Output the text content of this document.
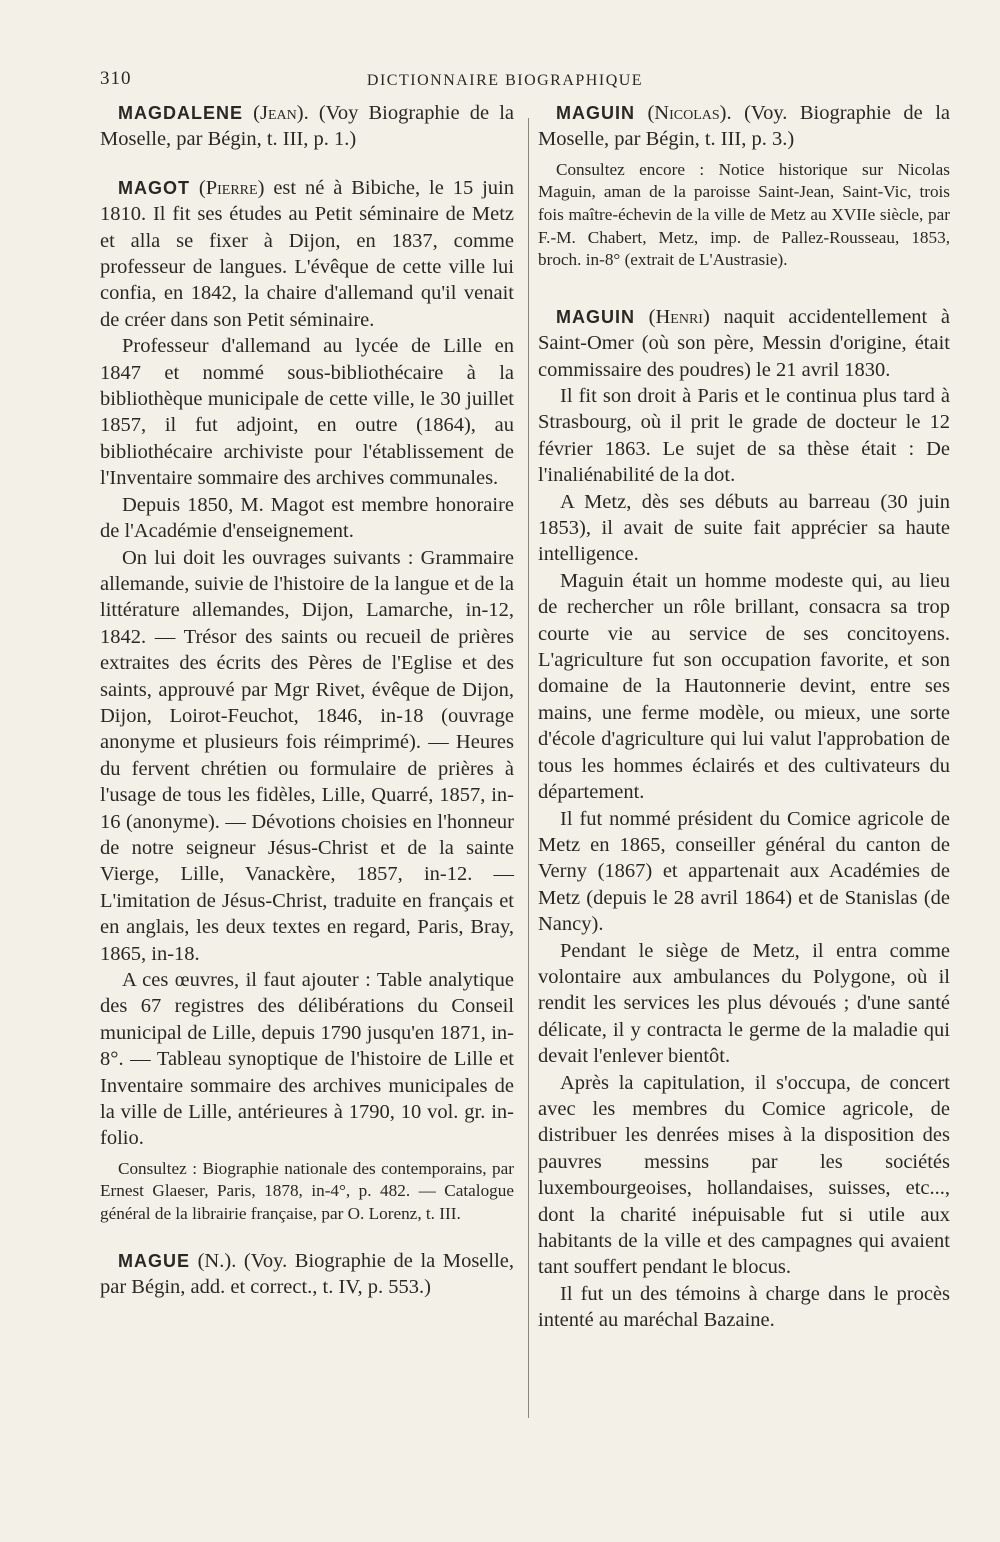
310	DICTIONNAIRE BIOGRAPHIQUE

MAGDALENE (Jean). (Voy Biographie de la Moselle, par Bégin, t. III, p. 1.)

MAGOT (Pierre) est né à Bibiche, le 15 juin 1810. Il fit ses études au Petit séminaire de Metz et alla se fixer à Dijon, en 1837, comme professeur de langues. L'évêque de cette ville lui confia, en 1842, la chaire d'allemand qu'il venait de créer dans son Petit séminaire.

Professeur d'allemand au lycée de Lille en 1847 et nommé sous-bibliothécaire à la bibliothèque municipale de cette ville, le 30 juillet 1857, il fut adjoint, en outre (1864), au bibliothécaire archiviste pour l'établissement de l'Inventaire sommaire des archives communales.

Depuis 1850, M. Magot est membre honoraire de l'Académie d'enseignement.

On lui doit les ouvrages suivants : Grammaire allemande, suivie de l'histoire de la langue et de la littérature allemandes, Dijon, Lamarche, in-12, 1842. — Trésor des saints ou recueil de prières extraites des écrits des Pères de l'Eglise et des saints, approuvé par Mgr Rivet, évêque de Dijon, Dijon, Loirot-Feuchot, 1846, in-18 (ouvrage anonyme et plusieurs fois réimprimé). — Heures du fervent chrétien ou formulaire de prières à l'usage de tous les fidèles, Lille, Quarré, 1857, in-16 (anonyme). — Dévotions choisies en l'honneur de notre seigneur Jésus-Christ et de la sainte Vierge, Lille, Vanackère, 1857, in-12. — L'imitation de Jésus-Christ, traduite en français et en anglais, les deux textes en regard, Paris, Bray, 1865, in-18.

A ces œuvres, il faut ajouter : Table analytique des 67 registres des délibérations du Conseil municipal de Lille, depuis 1790 jusqu'en 1871, in-8°. — Tableau synoptique de l'histoire de Lille et Inventaire sommaire des archives municipales de la ville de Lille, antérieures à 1790, 10 vol. gr. in-folio.

Consultez : Biographie nationale des contemporains, par Ernest Glaeser, Paris, 1878, in-4°, p. 482. — Catalogue général de la librairie française, par O. Lorenz, t. III.

MAGUE (N.). (Voy. Biographie de la Moselle, par Bégin, add. et correct., t. IV, p. 553.)

MAGUIN (Nicolas). (Voy. Biographie de la Moselle, par Bégin, t. III, p. 3.)

Consultez encore : Notice historique sur Nicolas Maguin, aman de la paroisse Saint-Jean, Saint-Vic, trois fois maître-échevin de la ville de Metz au XVIIe siècle, par F.-M. Chabert, Metz, imp. de Pallez-Rousseau, 1853, broch. in-8° (extrait de L'Austrasie).

MAGUIN (Henri) naquit accidentellement à Saint-Omer (où son père, Messin d'origine, était commissaire des poudres) le 21 avril 1830.

Il fit son droit à Paris et le continua plus tard à Strasbourg, où il prit le grade de docteur le 12 février 1863. Le sujet de sa thèse était : De l'inaliénabilité de la dot.

A Metz, dès ses débuts au barreau (30 juin 1853), il avait de suite fait apprécier sa haute intelligence.

Maguin était un homme modeste qui, au lieu de rechercher un rôle brillant, consacra sa trop courte vie au service de ses concitoyens. L'agriculture fut son occupation favorite, et son domaine de la Hautonnerie devint, entre ses mains, une ferme modèle, ou mieux, une sorte d'école d'agriculture qui lui valut l'approbation de tous les hommes éclairés et des cultivateurs du département.

Il fut nommé président du Comice agricole de Metz en 1865, conseiller général du canton de Verny (1867) et appartenait aux Académies de Metz (depuis le 28 avril 1864) et de Stanislas (de Nancy).

Pendant le siège de Metz, il entra comme volontaire aux ambulances du Polygone, où il rendit les services les plus dévoués ; d'une santé délicate, il y contracta le germe de la maladie qui devait l'enlever bientôt.

Après la capitulation, il s'occupa, de concert avec les membres du Comice agricole, de distribuer les denrées mises à la disposition des pauvres messins par les sociétés luxembourgeoises, hollandaises, suisses, etc..., dont la charité inépuisable fut si utile aux habitants de la ville et des campagnes qui avaient tant souffert pendant le blocus.

Il fut un des témoins à charge dans le procès intenté au maréchal Bazaine.
